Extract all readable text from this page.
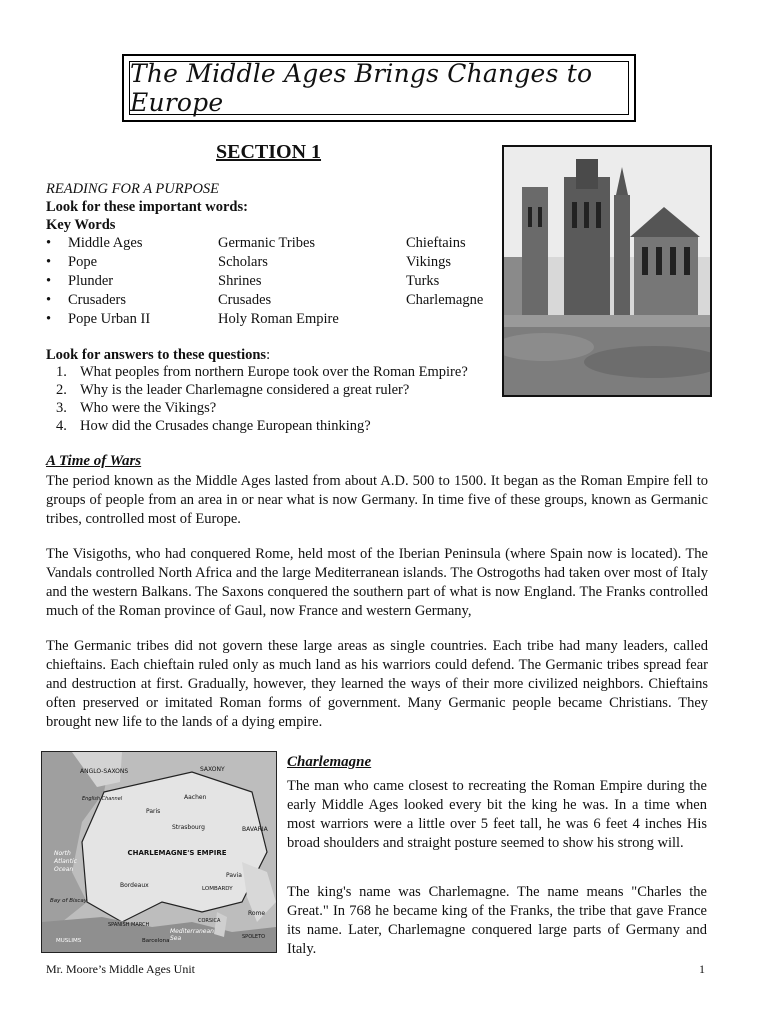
The Middle Ages Brings Changes to Europe
SECTION 1
READING FOR A PURPOSE
Look for these important words:
Key Words
• Middle Ages	Germanic Tribes	Chieftains
• Pope	Scholars	Vikings
• Plunder	Shrines	Turks
• Crusaders	Crusades	Charlemagne
• Pope Urban II	Holy Roman Empire
Look for answers to these questions:
1. What peoples from northern Europe took over the Roman Empire?
2. Why is the leader Charlemagne considered a great ruler?
3. Who were the Vikings?
4. How did the Crusades change European thinking?
A Time of Wars

The period known as the Middle Ages lasted from about A.D. 500 to 1500. It began as the Roman Empire fell to groups of people from an area in or near what is now Germany. In time five of these groups, known as Germanic tribes, controlled most of Europe.

The Visigoths, who had conquered Rome, held most of the Iberian Peninsula (where Spain now is located). The Vandals controlled North Africa and the large Mediterranean islands. The Ostrogoths had taken over most of Italy and the western Balkans. The Saxons conquered the southern part of what is now England. The Franks controlled much of the Roman province of Gaul, now France and western Germany,

The Germanic tribes did not govern these large areas as single countries. Each tribe had many leaders, called chieftains. Each chieftain ruled only as much land as his warriors could defend. The Germanic tribes spread fear and destruction at first. Gradually, however, they learned the ways of their more civilized neighbors. Chieftains often preserved or imitated Roman forms of government. Many Germanic people became Christians. They brought new life to the lands of a dying empire.

ANGLO-SAXONS	SAXONY
English Channel	Aachen
Paris
Strasbourg	BAVARIA
North Atlantic Ocean
CHARLEMAGNE'S EMPIRE
Bordeaux	LOMBARDY
Pavia
Bay of Biscay
Rome
CORSICA
SPANISH MARCH
Barcelona
Mediterranean Sea
MUSLIMS
SPOLETO
Charlemagne

The man who came closest to recreating the Roman Empire during the early Middle Ages looked every bit the king he was. In a time when most warriors were a little over 5 feet tall, he was 6 feet 4 inches His broad shoulders and straight posture seemed to show his strong will.

The king's name was Charlemagne. The name means "Charles the Great." In 768 he became king of the Franks, the tribe that gave France its name. Later, Charlemagne conquered large parts of Germany and Italy.

Mr. Moore’s Middle Ages Unit	1
